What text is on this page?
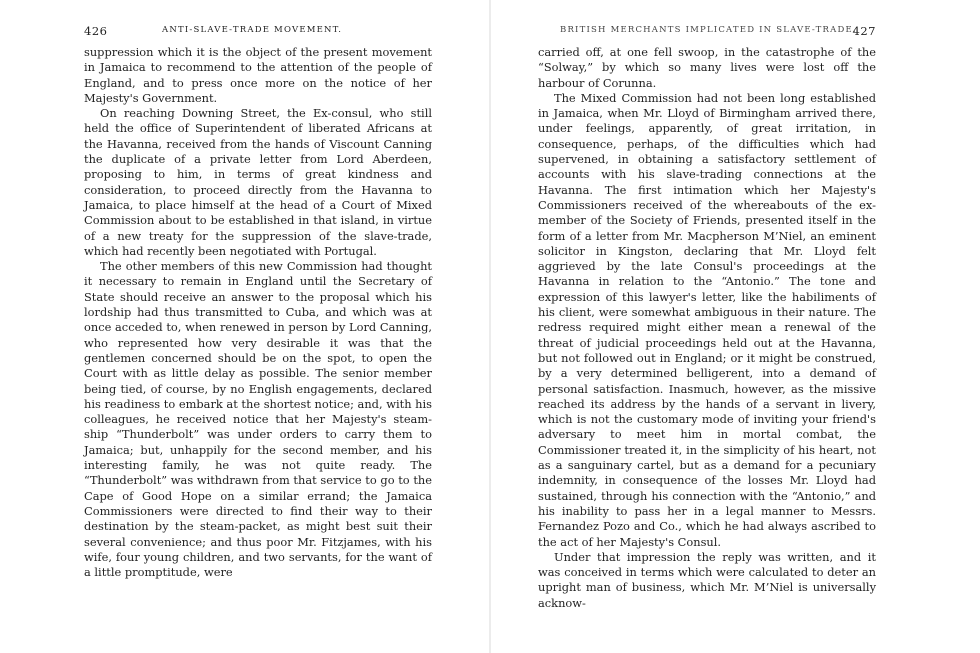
426	ANTI-SLAVE-TRADE MOVEMENT.

suppression which it is the object of the present movement in Jamaica to recommend to the attention of the people of England, and to press once more on the notice of her Majesty's Government.

On reaching Downing Street, the Ex-consul, who still held the office of Superintendent of liberated Africans at the Havanna, received from the hands of Viscount Canning the duplicate of a private letter from Lord Aberdeen, proposing to him, in terms of great kindness and consideration, to proceed directly from the Havanna to Jamaica, to place himself at the head of a Court of Mixed Commission about to be established in that island, in virtue of a new treaty for the suppression of the slave-trade, which had recently been negotiated with Portugal.

The other members of this new Commission had thought it necessary to remain in England until the Secretary of State should receive an answer to the proposal which his lordship had thus transmitted to Cuba, and which was at once acceded to, when renewed in person by Lord Canning, who represented how very desirable it was that the gentlemen concerned should be on the spot, to open the Court with as little delay as possible. The senior member being tied, of course, by no English engagements, declared his readiness to embark at the shortest notice; and, with his colleagues, he received notice that her Majesty's steam-ship “Thunderbolt” was under orders to carry them to Jamaica; but, unhappily for the second member, and his interesting family, he was not quite ready. The “Thunderbolt” was withdrawn from that service to go to the Cape of Good Hope on a similar errand; the Jamaica Commissioners were directed to find their way to their destination by the steam-packet, as might best suit their several convenience; and thus poor Mr. Fitzjames, with his wife, four young children, and two servants, for the want of a little promptitude, were

BRITISH MERCHANTS IMPLICATED IN SLAVE-TRADE.
427

carried off, at one fell swoop, in the catastrophe of the “Solway,” by which so many lives were lost off the harbour of Corunna.

The Mixed Commission had not been long established in Jamaica, when Mr. Lloyd of Birmingham arrived there, under feelings, apparently, of great irritation, in consequence, perhaps, of the difficulties which had supervened, in obtaining a satisfactory settlement of accounts with his slave-trading connections at the Havanna. The first intimation which her Majesty's Commissioners received of the whereabouts of the ex-member of the Society of Friends, presented itself in the form of a letter from Mr. Macpherson M’Niel, an eminent solicitor in Kingston, declaring that Mr. Lloyd felt aggrieved by the late Consul's proceedings at the Havanna in relation to the “Antonio.” The tone and expression of this lawyer's letter, like the habiliments of his client, were somewhat ambiguous in their nature. The redress required might either mean a renewal of the threat of judicial proceedings held out at the Havanna, but not followed out in England; or it might be construed, by a very determined belligerent, into a demand of personal satisfaction. Inasmuch, however, as the missive reached its address by the hands of a servant in livery, which is not the customary mode of inviting your friend's adversary to meet him in mortal combat, the Commissioner treated it, in the simplicity of his heart, not as a sanguinary cartel, but as a demand for a pecuniary indemnity, in consequence of the losses Mr. Lloyd had sustained, through his connection with the “Antonio,” and his inability to pass her in a legal manner to Messrs. Fernandez Pozo and Co., which he had always ascribed to the act of her Majesty's Consul.

Under that impression the reply was written, and it was conceived in terms which were calculated to deter an upright man of business, which Mr. M’Niel is universally acknow-
